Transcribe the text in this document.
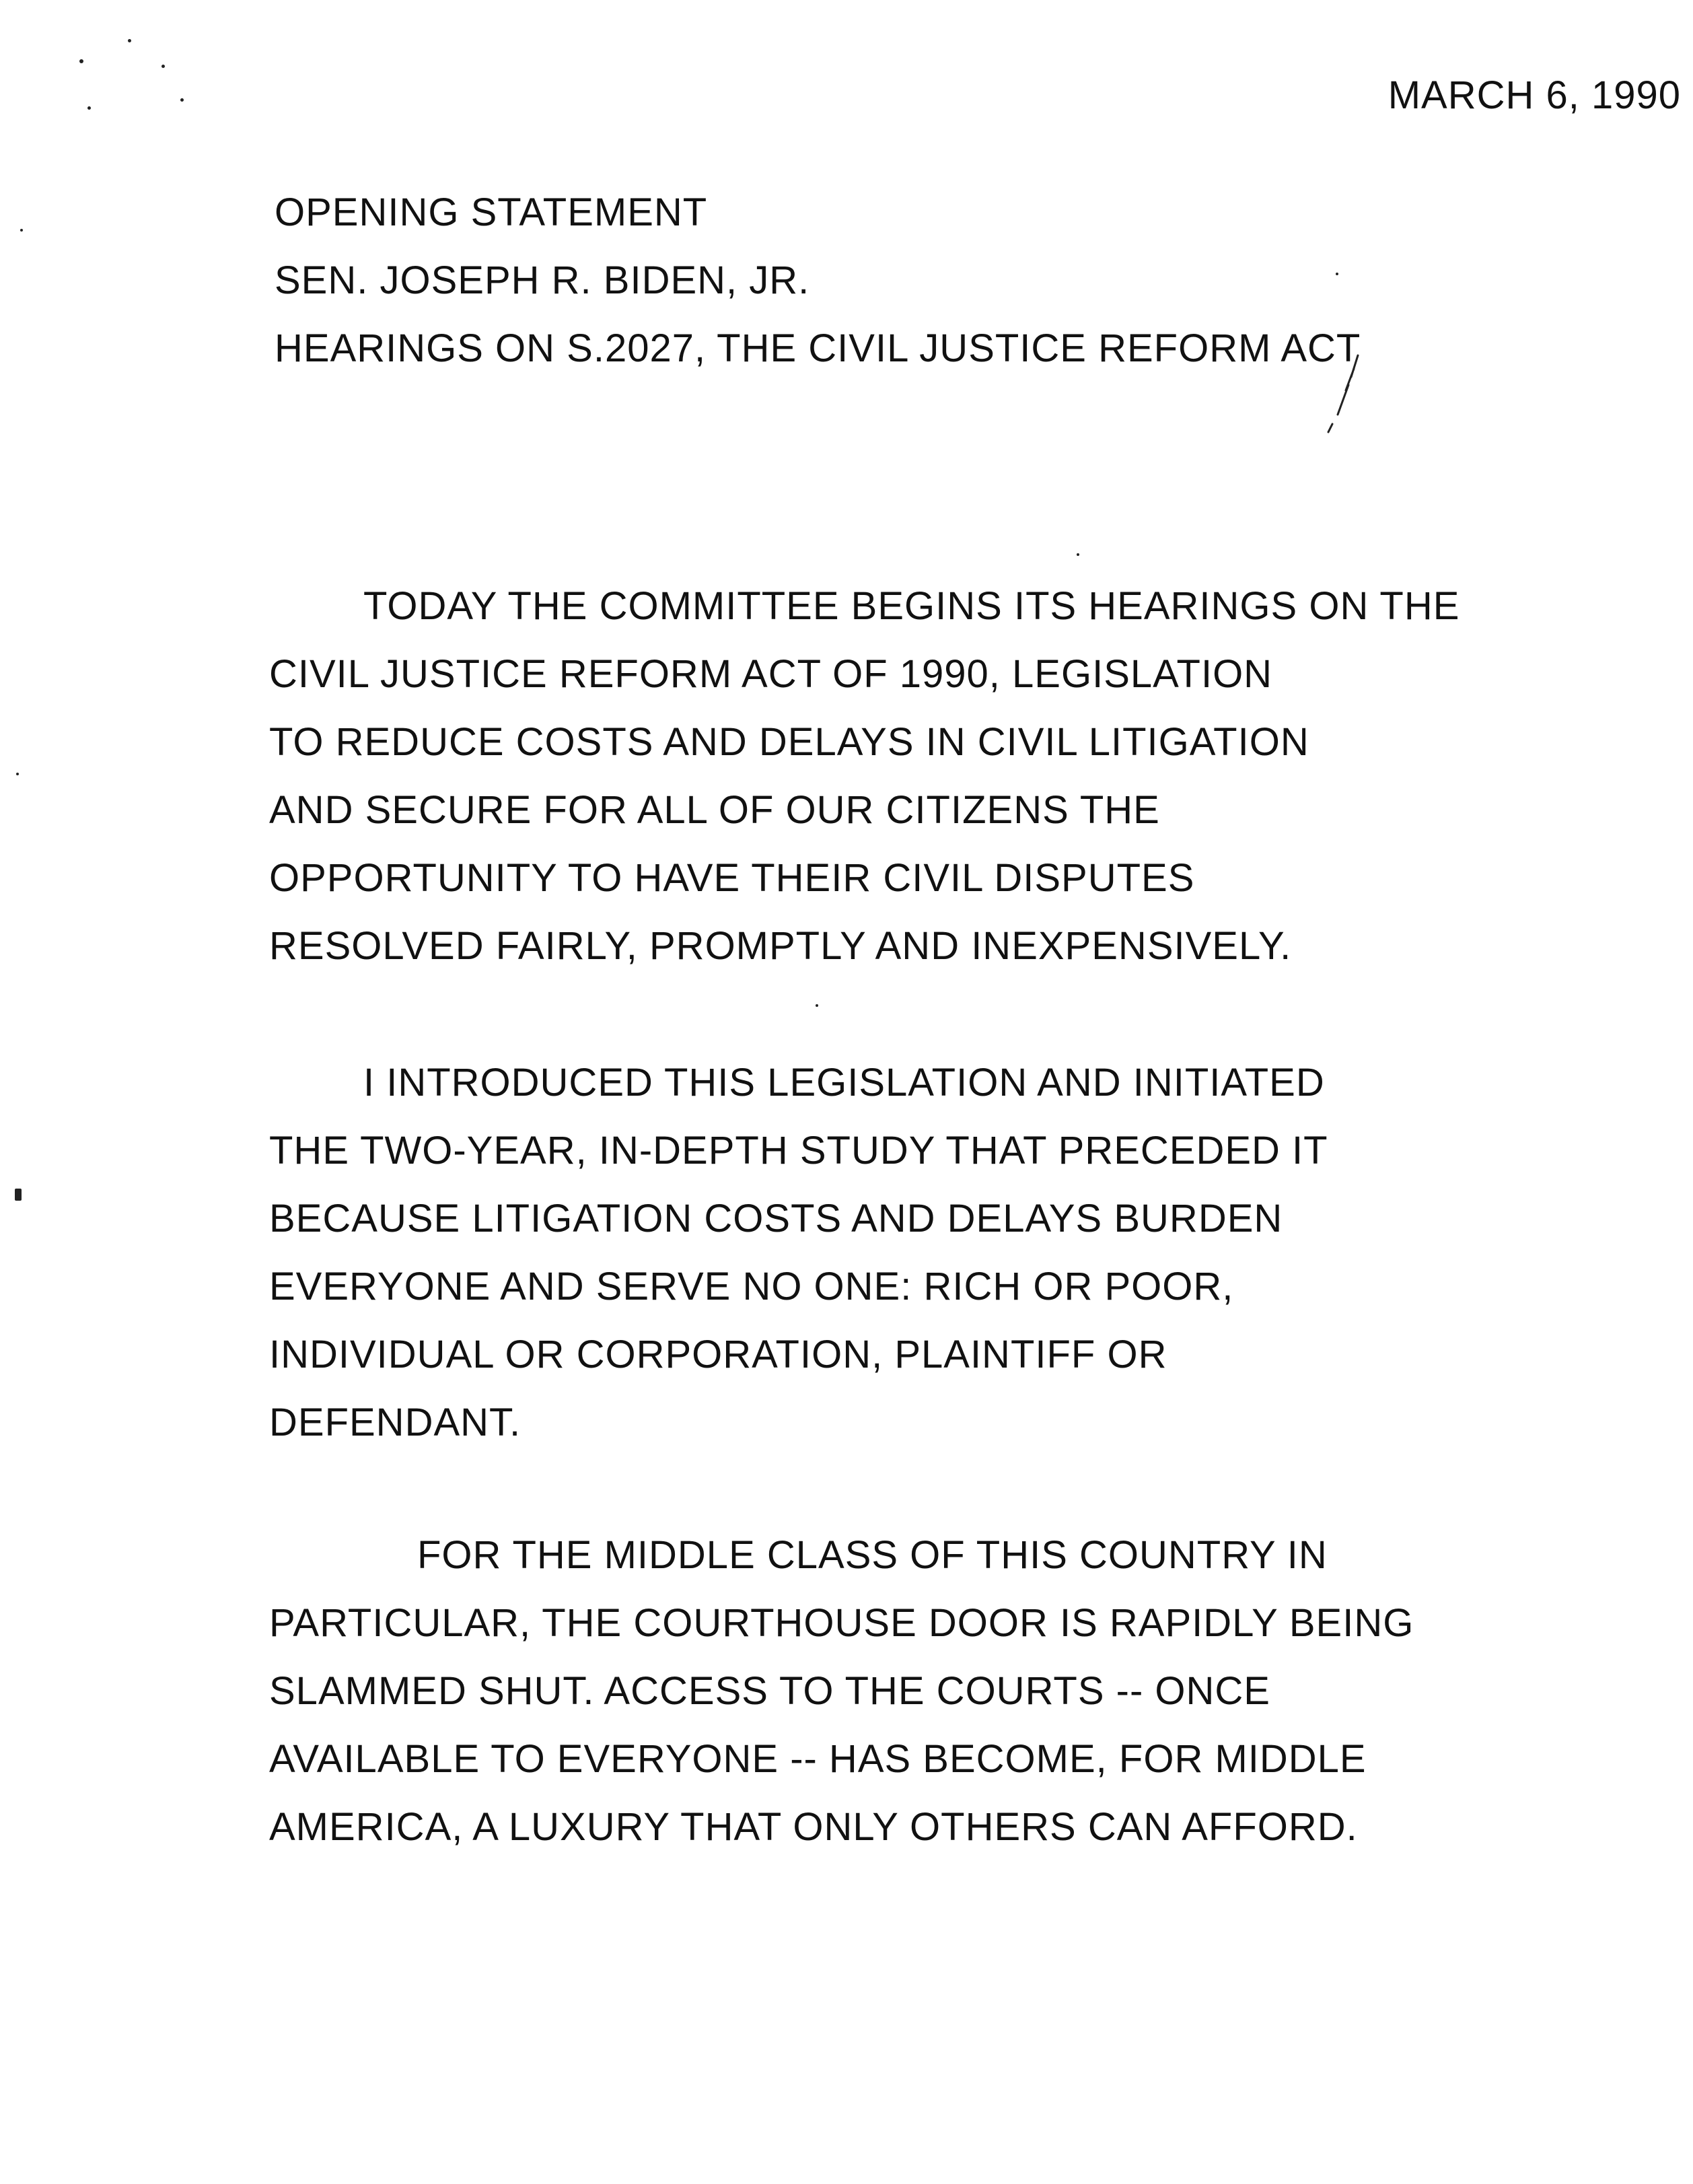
MARCH 6, 1990
OPENING STATEMENT
SEN. JOSEPH R. BIDEN, JR.
HEARINGS ON S.2027, THE CIVIL JUSTICE REFORM ACT
TODAY THE COMMITTEE BEGINS ITS HEARINGS ON THE
CIVIL JUSTICE REFORM ACT OF 1990, LEGISLATION
TO REDUCE COSTS AND DELAYS IN CIVIL LITIGATION
AND SECURE FOR ALL OF OUR CITIZENS THE
OPPORTUNITY TO HAVE THEIR CIVIL DISPUTES
RESOLVED FAIRLY, PROMPTLY AND INEXPENSIVELY.
I INTRODUCED THIS LEGISLATION AND INITIATED
THE TWO-YEAR, IN-DEPTH STUDY THAT PRECEDED IT
BECAUSE LITIGATION COSTS AND DELAYS BURDEN
EVERYONE AND SERVE NO ONE: RICH OR POOR,
INDIVIDUAL OR CORPORATION, PLAINTIFF OR
DEFENDANT.
FOR THE MIDDLE CLASS OF THIS COUNTRY IN
PARTICULAR, THE COURTHOUSE DOOR IS RAPIDLY BEING
SLAMMED SHUT. ACCESS TO THE COURTS -- ONCE
AVAILABLE TO EVERYONE -- HAS BECOME, FOR MIDDLE
AMERICA, A LUXURY THAT ONLY OTHERS CAN AFFORD.
